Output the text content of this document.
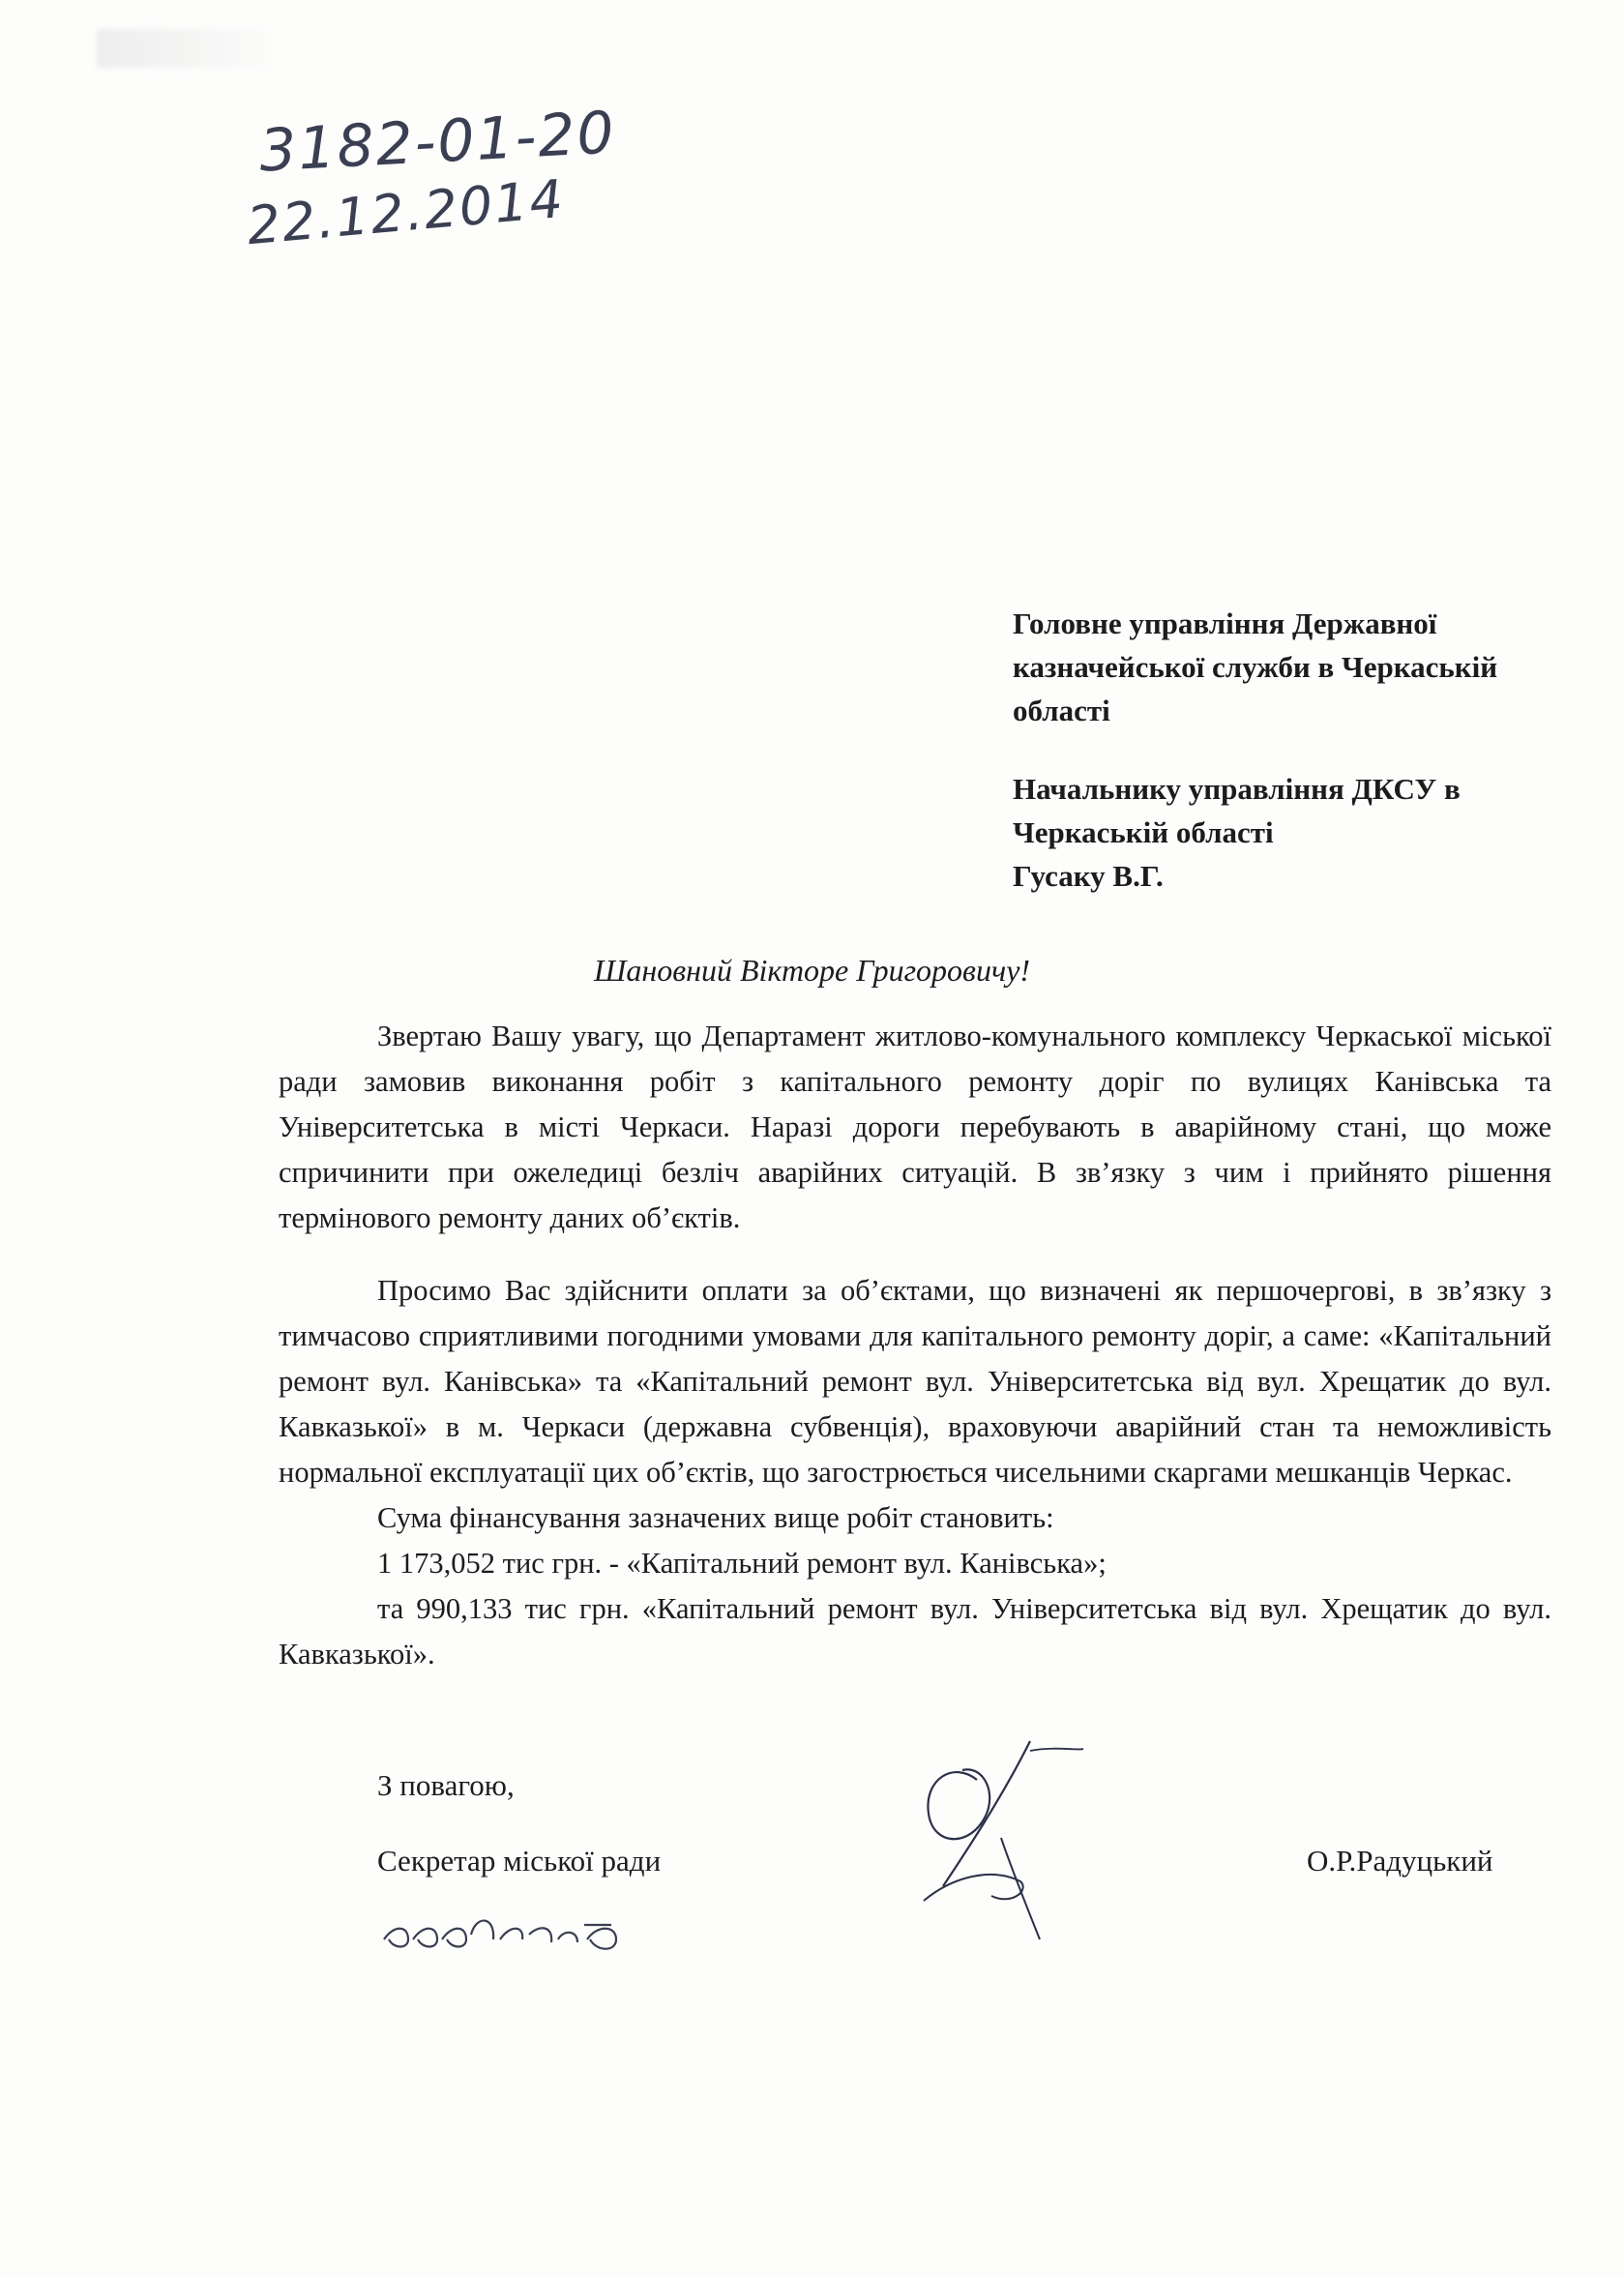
3182-01-20
22.12.2014
Головне управління Державної
казначейської служби в Черкаській
області
Начальнику управління ДКСУ в
Черкаській області
Гусаку В.Г.
Шановний Вікторе Григоровичу!

Звертаю Вашу увагу, що Департамент житлово-комунального комплексу Черкаської міської ради замовив виконання робіт з капітального ремонту доріг по вулицях Канівська та Університетська в місті Черкаси. Наразі дороги перебувають в аварійному стані, що може спричинити при ожеледиці безліч аварійних ситуацій. В зв’язку з чим і прийнято рішення термінового ремонту даних об’єктів.

Просимо Вас здійснити оплати за об’єктами, що визначені як першочергові, в зв’язку з тимчасово сприятливими погодними умовами для капітального ремонту доріг, а саме: «Капітальний ремонт вул. Канівська» та «Капітальний ремонт вул. Університетська від вул. Хрещатик до вул. Кавказької» в м. Черкаси (державна субвенція), враховуючи аварійний стан та неможливість нормальної експлуатації цих об’єктів, що загострюється чисельними скаргами мешканців Черкас.

Сума фінансування зазначених вище робіт становить:

1 173,052 тис грн. - «Капітальний ремонт вул. Канівська»;

та 990,133 тис грн. «Капітальний ремонт вул. Університетська від вул. Хрещатик до вул. Кавказької».

З повагою,
Секретар міської ради	О.Р.Радуцький
